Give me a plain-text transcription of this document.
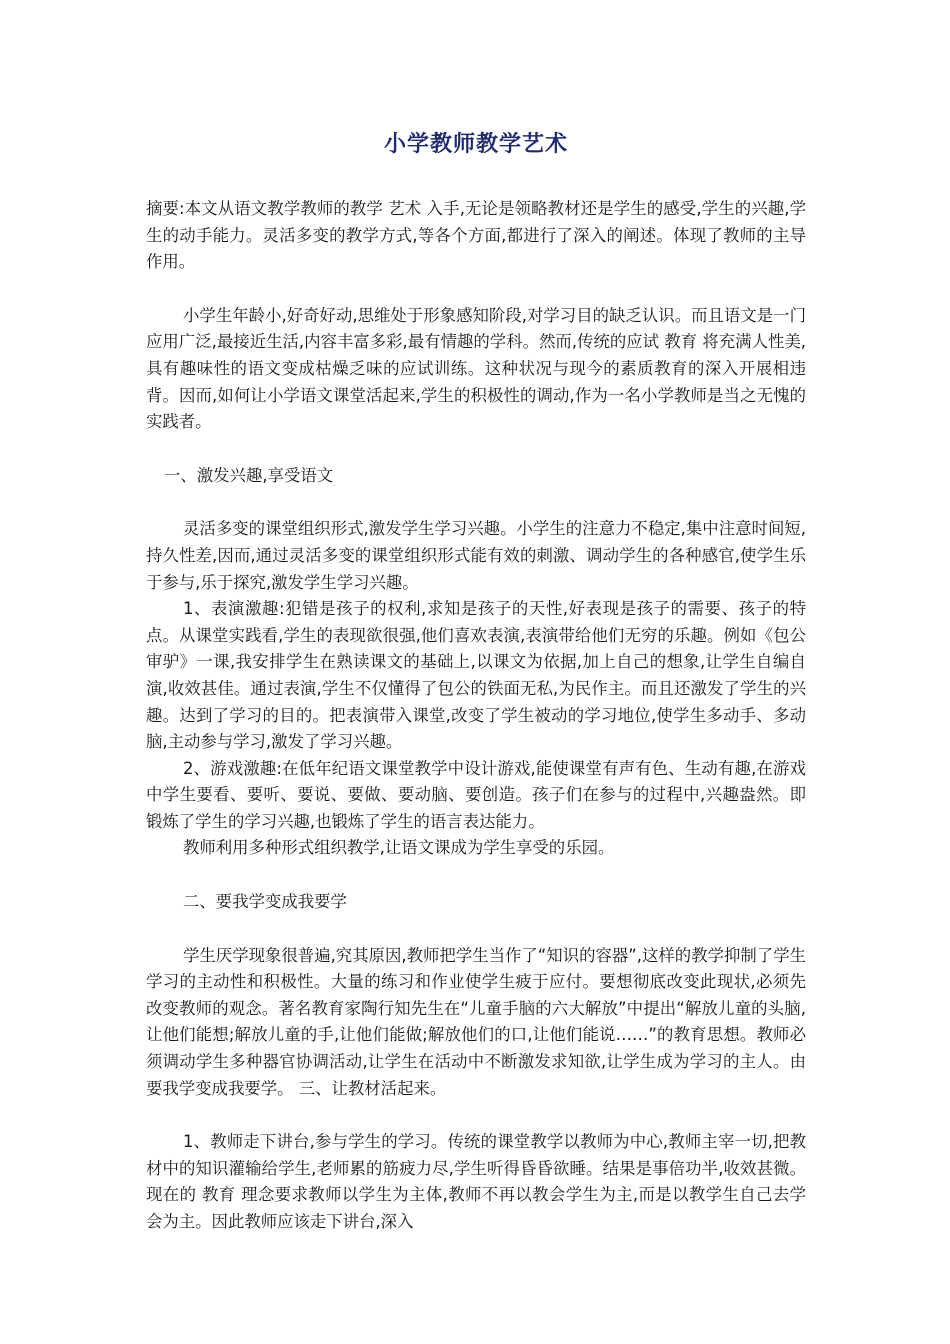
小学教师教学艺术

摘要:本文从语文教学教师的教学 艺术 入手,无论是领略教材还是学生的感受,学生的兴趣,学生的动手能力。灵活多变的教学方式,等各个方面,都进行了深入的阐述。体现了教师的主导作用。

小学生年龄小,好奇好动,思维处于形象感知阶段,对学习目的缺乏认识。而且语文是一门应用广泛,最接近生活,内容丰富多彩,最有情趣的学科。然而,传统的应试 教育 将充满人性美,具有趣味性的语文变成枯燥乏味的应试训练。这种状况与现今的素质教育的深入开展相违背。因而,如何让小学语文课堂活起来,学生的积极性的调动,作为一名小学教师是当之无愧的实践者。

一、激发兴趣,享受语文

灵活多变的课堂组织形式,激发学生学习兴趣。小学生的注意力不稳定,集中注意时间短,持久性差,因而,通过灵活多变的课堂组织形式能有效的刺激、调动学生的各种感官,使学生乐于参与,乐于探究,激发学生学习兴趣。

1、表演激趣:犯错是孩子的权利,求知是孩子的天性,好表现是孩子的需要、孩子的特点。从课堂实践看,学生的表现欲很强,他们喜欢表演,表演带给他们无穷的乐趣。例如《包公审驴》一课,我安排学生在熟读课文的基础上,以课文为依据,加上自己的想象,让学生自编自演,收效甚佳。通过表演,学生不仅懂得了包公的铁面无私,为民作主。而且还激发了学生的兴趣。达到了学习的目的。把表演带入课堂,改变了学生被动的学习地位,使学生多动手、多动脑,主动参与学习,激发了学习兴趣。

2、游戏激趣:在低年纪语文课堂教学中设计游戏,能使课堂有声有色、生动有趣,在游戏中学生要看、要听、要说、要做、要动脑、要创造。孩子们在参与的过程中,兴趣盎然。即锻炼了学生的学习兴趣,也锻炼了学生的语言表达能力。

教师利用多种形式组织教学,让语文课成为学生享受的乐园。

二、要我学变成我要学

学生厌学现象很普遍,究其原因,教师把学生当作了“知识的容器”,这样的教学抑制了学生学习的主动性和积极性。大量的练习和作业使学生疲于应付。要想彻底改变此现状,必须先改变教师的观念。著名教育家陶行知先生在“儿童手脑的六大解放”中提出“解放儿童的头脑,让他们能想;解放儿童的手,让他们能做;解放他们的口,让他们能说……”的教育思想。教师必须调动学生多种器官协调活动,让学生在活动中不断激发求知欲,让学生成为学习的主人。由要我学变成我要学。 三、让教材活起来。

1、教师走下讲台,参与学生的学习。传统的课堂教学以教师为中心,教师主宰一切,把教材中的知识灌输给学生,老师累的筋疲力尽,学生听得昏昏欲睡。结果是事倍功半,收效甚微。现在的 教育 理念要求教师以学生为主体,教师不再以教会学生为主,而是以教学生自己去学会为主。因此教师应该走下讲台,深入
